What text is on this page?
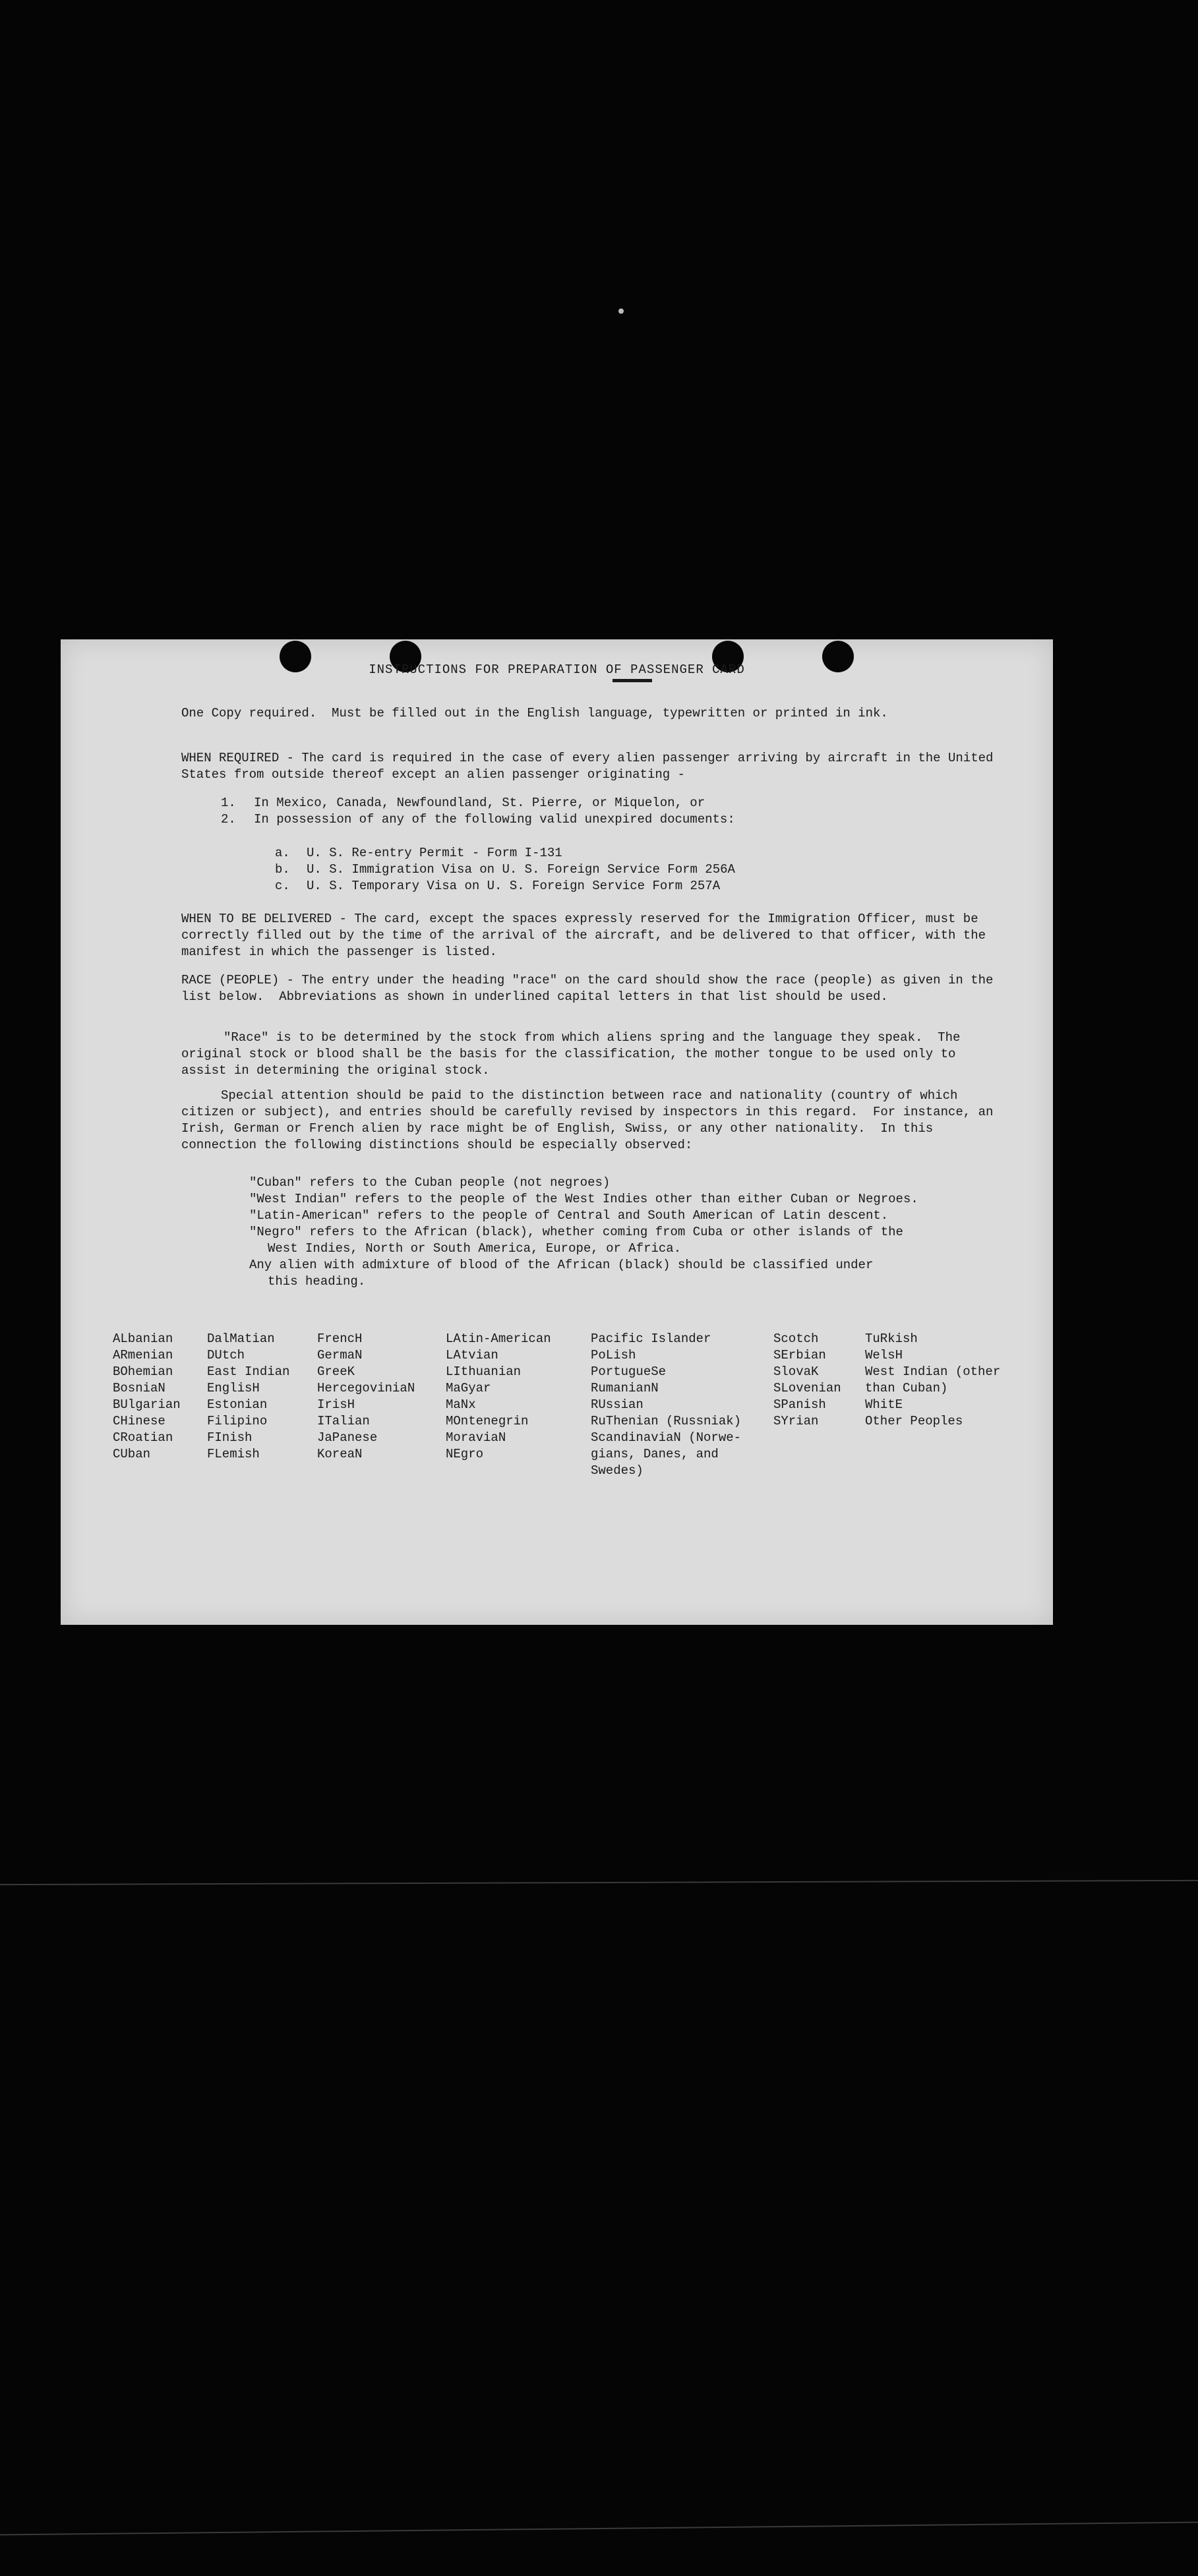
INSTRUCTIONS FOR PREPARATION OF PASSENGER CARD

One Copy required.  Must be filled out in the English language, typewritten or printed in ink.

WHEN REQUIRED - The card is required in the case of every alien passenger arriving by aircraft in the United States from outside thereof except an alien passenger originating -

1. In Mexico, Canada, Newfoundland, St. Pierre, or Miquelon, or

2. In possession of any of the following valid unexpired documents:

a. U. S. Re-entry Permit - Form I-131

b. U. S. Immigration Visa on U. S. Foreign Service Form 256A

c. U. S. Temporary Visa on U. S. Foreign Service Form 257A

WHEN TO BE DELIVERED - The card, except the spaces expressly reserved for the Immigration Officer, must be correctly filled out by the time of the arrival of the aircraft, and be delivered to that officer, with the manifest in which the passenger is listed.

RACE (PEOPLE) - The entry under the heading "race" on the card should show the race (people) as given in the list below.  Abbreviations as shown in underlined capital letters in that list should be used.

"Race" is to be determined by the stock from which aliens spring and the language they speak.  The original stock or blood shall be the basis for the classification, the mother tongue to be used only to assist in determining the original stock.

Special attention should be paid to the distinction between race and nationality (country of which citizen or subject), and entries should be carefully revised by inspectors in this regard.  For instance, an Irish, German or French alien by race might be of English, Swiss, or any other nationality.  In this connection the following distinctions should be especially observed:

"Cuban" refers to the Cuban people (not negroes)

"West Indian" refers to the people of the West Indies other than either Cuban or Negroes.

"Latin-American" refers to the people of Central and South American of Latin descent.

"Negro" refers to the African (black), whether coming from Cuba or other islands of the
West Indies, North or South America, Europe, or Africa.

Any alien with admixture of blood of the African (black) should be classified under
this heading.

ALbanian
ARmenian
BOhemian
BosniaN
BUlgarian
CHinese
CRoatian
CUban
DalMatian
DUtch
East Indian
EnglisH
Estonian
Filipino
FInish
FLemish
FrencH
GermaN
GreeK
HercegoviniaN
IrisH
ITalian
JaPanese
KoreaN
LAtin-American
LAtvian
LIthuanian
MaGyar
MaNx
MOntenegrin
MoraviaN
NEgro
Pacific Islander
PoLish
PortugueSe
RumanianN
RUssian
RuThenian (Russniak)
ScandinaviaN (Norwe-
gians, Danes, and
Swedes)
Scotch
SErbian
SlovaK
SLovenian
SPanish
SYrian
TuRkish
WelsH
West Indian (other
than Cuban)
WhitE
Other Peoples
